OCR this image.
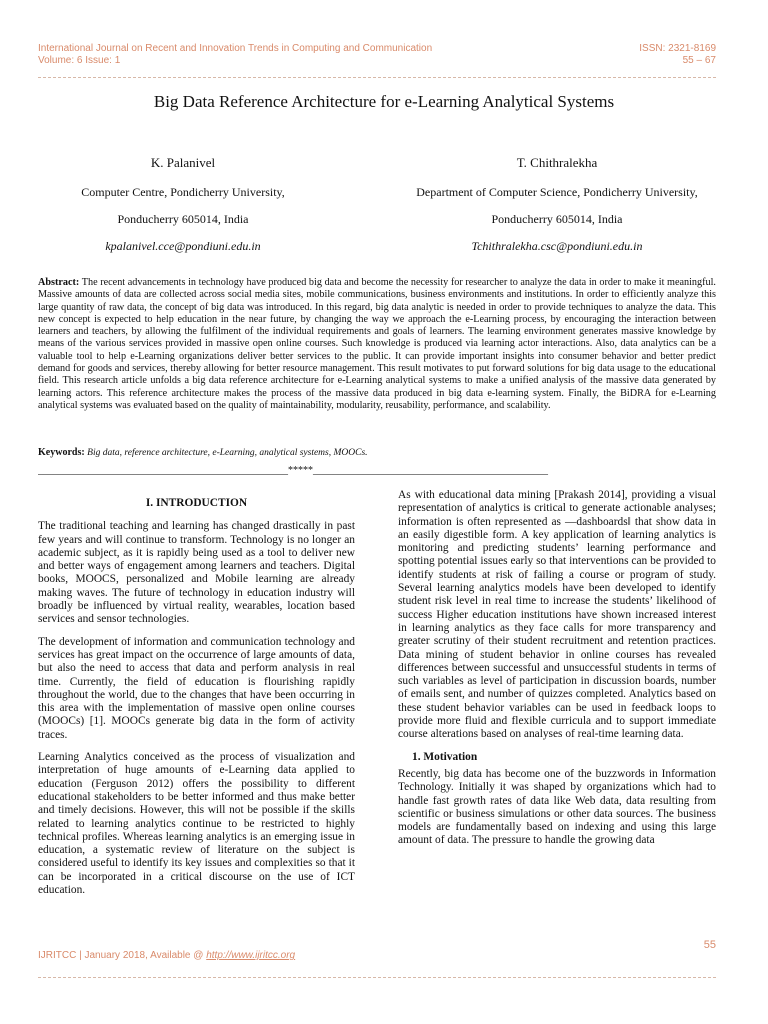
International Journal on Recent and Innovation Trends in Computing and Communication	ISSN: 2321-8169
Volume: 6 Issue: 1	55 – 67
Big Data Reference Architecture for e-Learning Analytical Systems
K. Palanivel
Computer Centre, Pondicherry University,
Ponducherry 605014, India
kpalanivel.cce@pondiuni.edu.in
T. Chithralekha
Department of Computer Science, Pondicherry University,
Ponducherry 605014, India
Tchithralekha.csc@pondiuni.edu.in
Abstract: The recent advancements in technology have produced big data and become the necessity for researcher to analyze the data in order to make it meaningful. Massive amounts of data are collected across social media sites, mobile communications, business environments and institutions. In order to efficiently analyze this large quantity of raw data, the concept of big data was introduced. In this regard, big data analytic is needed in order to provide techniques to analyze the data. This new concept is expected to help education in the near future, by changing the way we approach the e-Learning process, by encouraging the interaction between learners and teachers, by allowing the fulfilment of the individual requirements and goals of learners. The learning environment generates massive knowledge by means of the various services provided in massive open online courses. Such knowledge is produced via learning actor interactions. Also, data analytics can be a valuable tool to help e-Learning organizations deliver better services to the public. It can provide important insights into consumer behavior and better predict demand for goods and services, thereby allowing for better resource management. This result motivates to put forward solutions for big data usage to the educational field. This research article unfolds a big data reference architecture for e-Learning analytical systems to make a unified analysis of the massive data generated by learning actors. This reference architecture makes the process of the massive data produced in big data e-learning system. Finally, the BiDRA for e-Learning analytical systems was evaluated based on the quality of maintainability, modularity, reusability, performance, and scalability.
Keywords: Big data, reference architecture, e-Learning, analytical systems, MOOCs.
__________________________________________________*****_______________________________________________
I. INTRODUCTION

The traditional teaching and learning has changed drastically in past few years and will continue to transform. Technology is no longer an academic subject, as it is rapidly being used as a tool to deliver new and better ways of engagement among learners and teachers. Digital books, MOOCS, personalized and Mobile learning are already making waves. The future of technology in education industry will broadly be influenced by virtual reality, wearables, location based services and sensor technologies.

The development of information and communication technology and services has great impact on the occurrence of large amounts of data, but also the need to access that data and perform analysis in real time. Currently, the field of education is flourishing rapidly throughout the world, due to the changes that have been occurring in this area with the implementation of massive open online courses (MOOCs) [1]. MOOCs generate big data in the form of activity traces.

Learning Analytics conceived as the process of visualization and interpretation of huge amounts of e-Learning data applied to education (Ferguson 2012) offers the possibility to different educational stakeholders to be better informed and thus make better and timely decisions. However, this will not be possible if the skills related to learning analytics continue to be restricted to highly technical profiles. Whereas learning analytics is an emerging issue in education, a systematic review of literature on the subject is considered useful to identify its key issues and complexities so that it can be incorporated in a critical discourse on the use of ICT education.

As with educational data mining [Prakash 2014], providing a visual representation of analytics is critical to generate actionable analyses; information is often represented as ―dashboards‖ that show data in an easily digestible form. A key application of learning analytics is monitoring and predicting students’ learning performance and spotting potential issues early so that interventions can be provided to identify students at risk of failing a course or program of study. Several learning analytics models have been developed to identify student risk level in real time to increase the students’ likelihood of success Higher education institutions have shown increased interest in learning analytics as they face calls for more transparency and greater scrutiny of their student recruitment and retention practices. Data mining of student behavior in online courses has revealed differences between successful and unsuccessful students in terms of such variables as level of participation in discussion boards, number of emails sent, and number of quizzes completed. Analytics based on these student behavior variables can be used in feedback loops to provide more fluid and flexible curricula and to support immediate course alterations based on analyses of real-time learning data.

1. Motivation

Recently, big data has become one of the buzzwords in Information Technology. Initially it was shaped by organizations which had to handle fast growth rates of data like Web data, data resulting from scientific or business simulations or other data sources. The business models are fundamentally based on indexing and using this large amount of data. The pressure to handle the growing data

55
IJRITCC | January 2018, Available @ http://www.ijritcc.org
